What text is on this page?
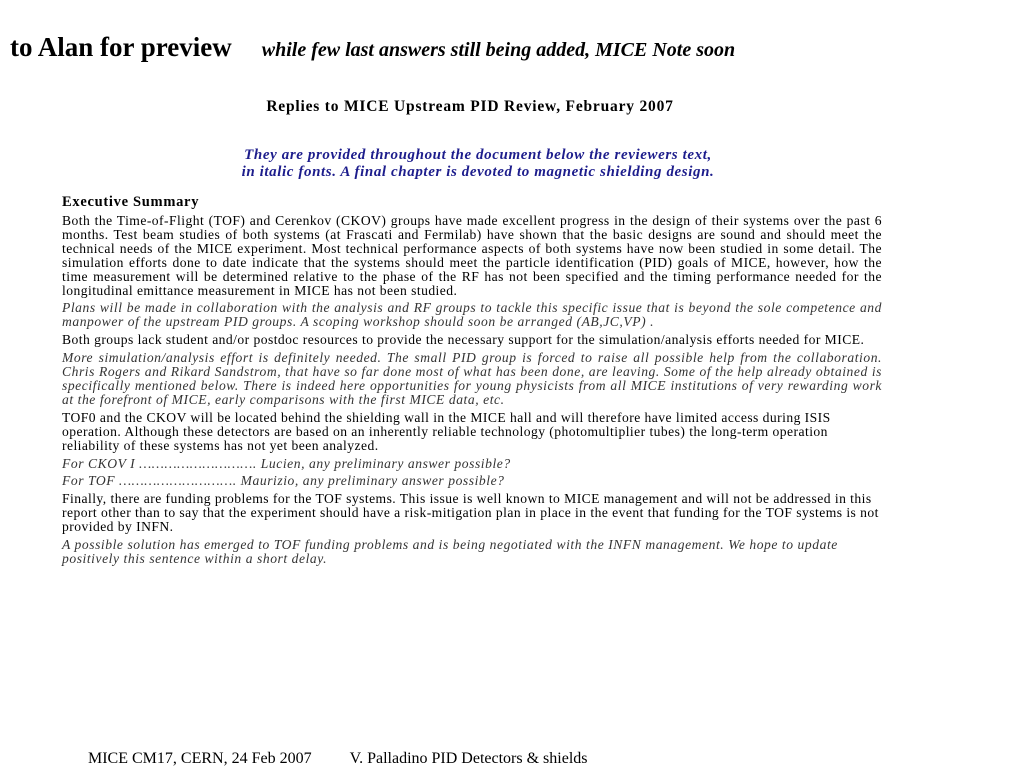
to Alan for preview while few last answers still being added, MICE Note soon
Replies to MICE Upstream PID Review, February 2007
They are provided throughout the document below the reviewers text,
in italic fonts. A final chapter is devoted to magnetic shielding design.
Executive Summary
Both the Time-of-Flight (TOF) and Cerenkov (CKOV) groups have made excellent progress in the design of their systems over the past 6 months. Test beam studies of both systems (at Frascati and Fermilab) have shown that the basic designs are sound and should meet the technical needs of the MICE experiment. Most technical performance aspects of both systems have now been studied in some detail. The simulation efforts done to date indicate that the systems should meet the particle identification (PID) goals of MICE, however, how the time measurement will be determined relative to the phase of the RF has not been specified and the timing performance needed for the longitudinal emittance measurement in MICE has not been studied.
Plans will be made in collaboration with the analysis and RF groups to tackle this specific issue that is beyond the sole competence and manpower of the upstream PID groups. A scoping workshop should soon be arranged (AB,JC,VP) .
Both groups lack student and/or postdoc resources to provide the necessary support for the simulation/analysis efforts needed for MICE.
More simulation/analysis effort is definitely needed. The small PID group is forced to raise all possible help from the collaboration. Chris Rogers and Rikard Sandstrom, that have so far done most of what has been done, are leaving. Some of the help already obtained is specifically mentioned below. There is indeed here opportunities for young physicists from all MICE institutions of very rewarding work at the forefront of MICE, early comparisons with the first MICE data, etc.
TOF0 and the CKOV will be located behind the shielding wall in the MICE hall and will therefore have limited access during ISIS operation. Although these detectors are based on an inherently reliable technology (photomultiplier tubes) the long-term operation reliability of these systems has not yet been analyzed.
For CKOV I ………………………. Lucien, any preliminary answer possible?
For TOF ………………………. Maurizio, any preliminary answer possible?
Finally, there are funding problems for the TOF systems. This issue is well known to MICE management and will not be addressed in this report other than to say that the experiment should have a risk-mitigation plan in place in the event that funding for the TOF systems is not provided by INFN.
A possible solution has emerged to TOF funding problems and is being negotiated with the INFN management. We hope to update positively this sentence within a short delay.
MICE CM17, CERN, 24 Feb 2007 V. Palladino PID Detectors & shields
